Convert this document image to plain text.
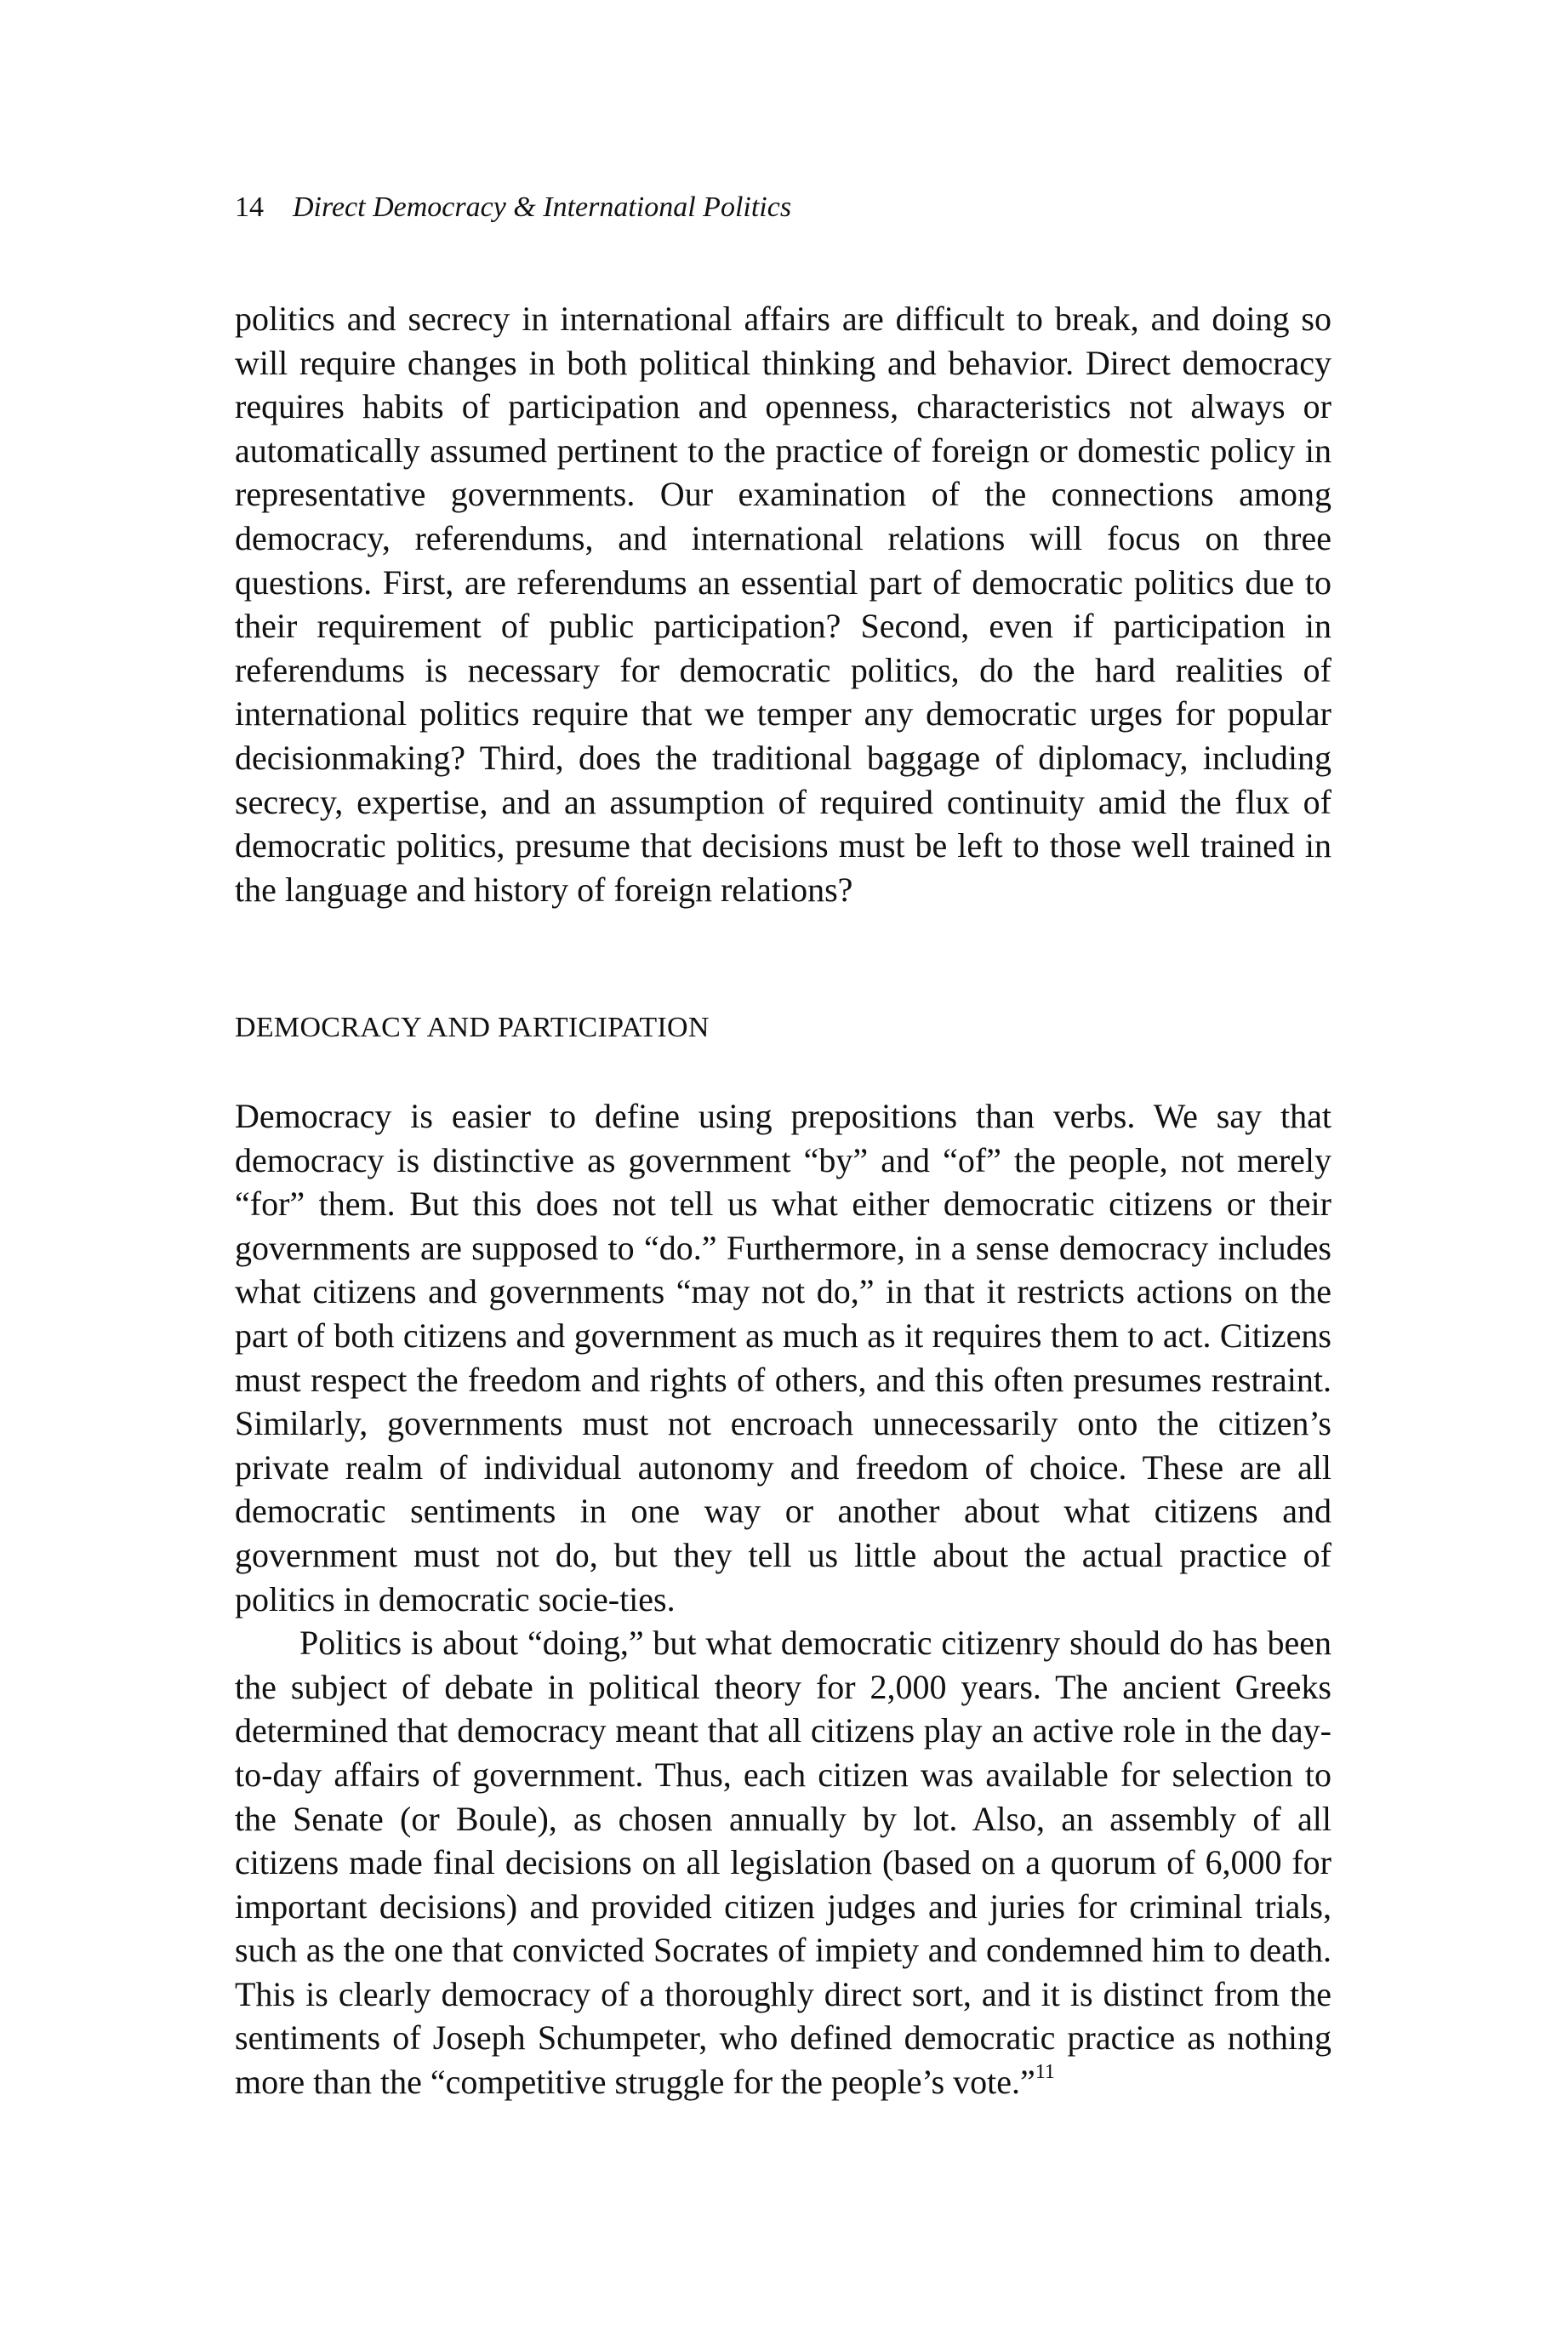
14 Direct Democracy & International Politics

politics and secrecy in international affairs are difficult to break, and doing so will require changes in both political thinking and behavior. Direct democracy requires habits of participation and openness, characteristics not always or automatically assumed pertinent to the practice of foreign or domestic policy in representative governments. Our examination of the connections among democracy, referendums, and international relations will focus on three questions. First, are referendums an essential part of democratic politics due to their requirement of public participation? Second, even if participation in referendums is necessary for democratic politics, do the hard realities of international politics require that we temper any democratic urges for popular decisionmaking? Third, does the traditional baggage of diplomacy, including secrecy, expertise, and an assumption of required continuity amid the flux of democratic politics, presume that decisions must be left to those well trained in the language and history of foreign relations?

DEMOCRACY AND PARTICIPATION

Democracy is easier to define using prepositions than verbs. We say that democracy is distinctive as government “by” and “of” the people, not merely “for” them. But this does not tell us what either democratic citizens or their governments are supposed to “do.” Furthermore, in a sense democracy includes what citizens and governments “may not do,” in that it restricts actions on the part of both citizens and government as much as it requires them to act. Citizens must respect the freedom and rights of others, and this often presumes restraint. Similarly, governments must not encroach unnecessarily onto the citizen’s private realm of individual autonomy and freedom of choice. These are all democratic sentiments in one way or another about what citizens and government must not do, but they tell us little about the actual practice of politics in democratic socie-ties.

Politics is about “doing,” but what democratic citizenry should do has been the subject of debate in political theory for 2,000 years. The ancient Greeks determined that democracy meant that all citizens play an active role in the day-to-day affairs of government. Thus, each citizen was available for selection to the Senate (or Boule), as chosen annually by lot. Also, an assembly of all citizens made final decisions on all legislation (based on a quorum of 6,000 for important decisions) and provided citizen judges and juries for criminal trials, such as the one that convicted Socrates of impiety and condemned him to death. This is clearly democracy of a thoroughly direct sort, and it is distinct from the sentiments of Joseph Schumpeter, who defined democratic practice as nothing more than the “competitive struggle for the people’s vote.”$^{11}$
